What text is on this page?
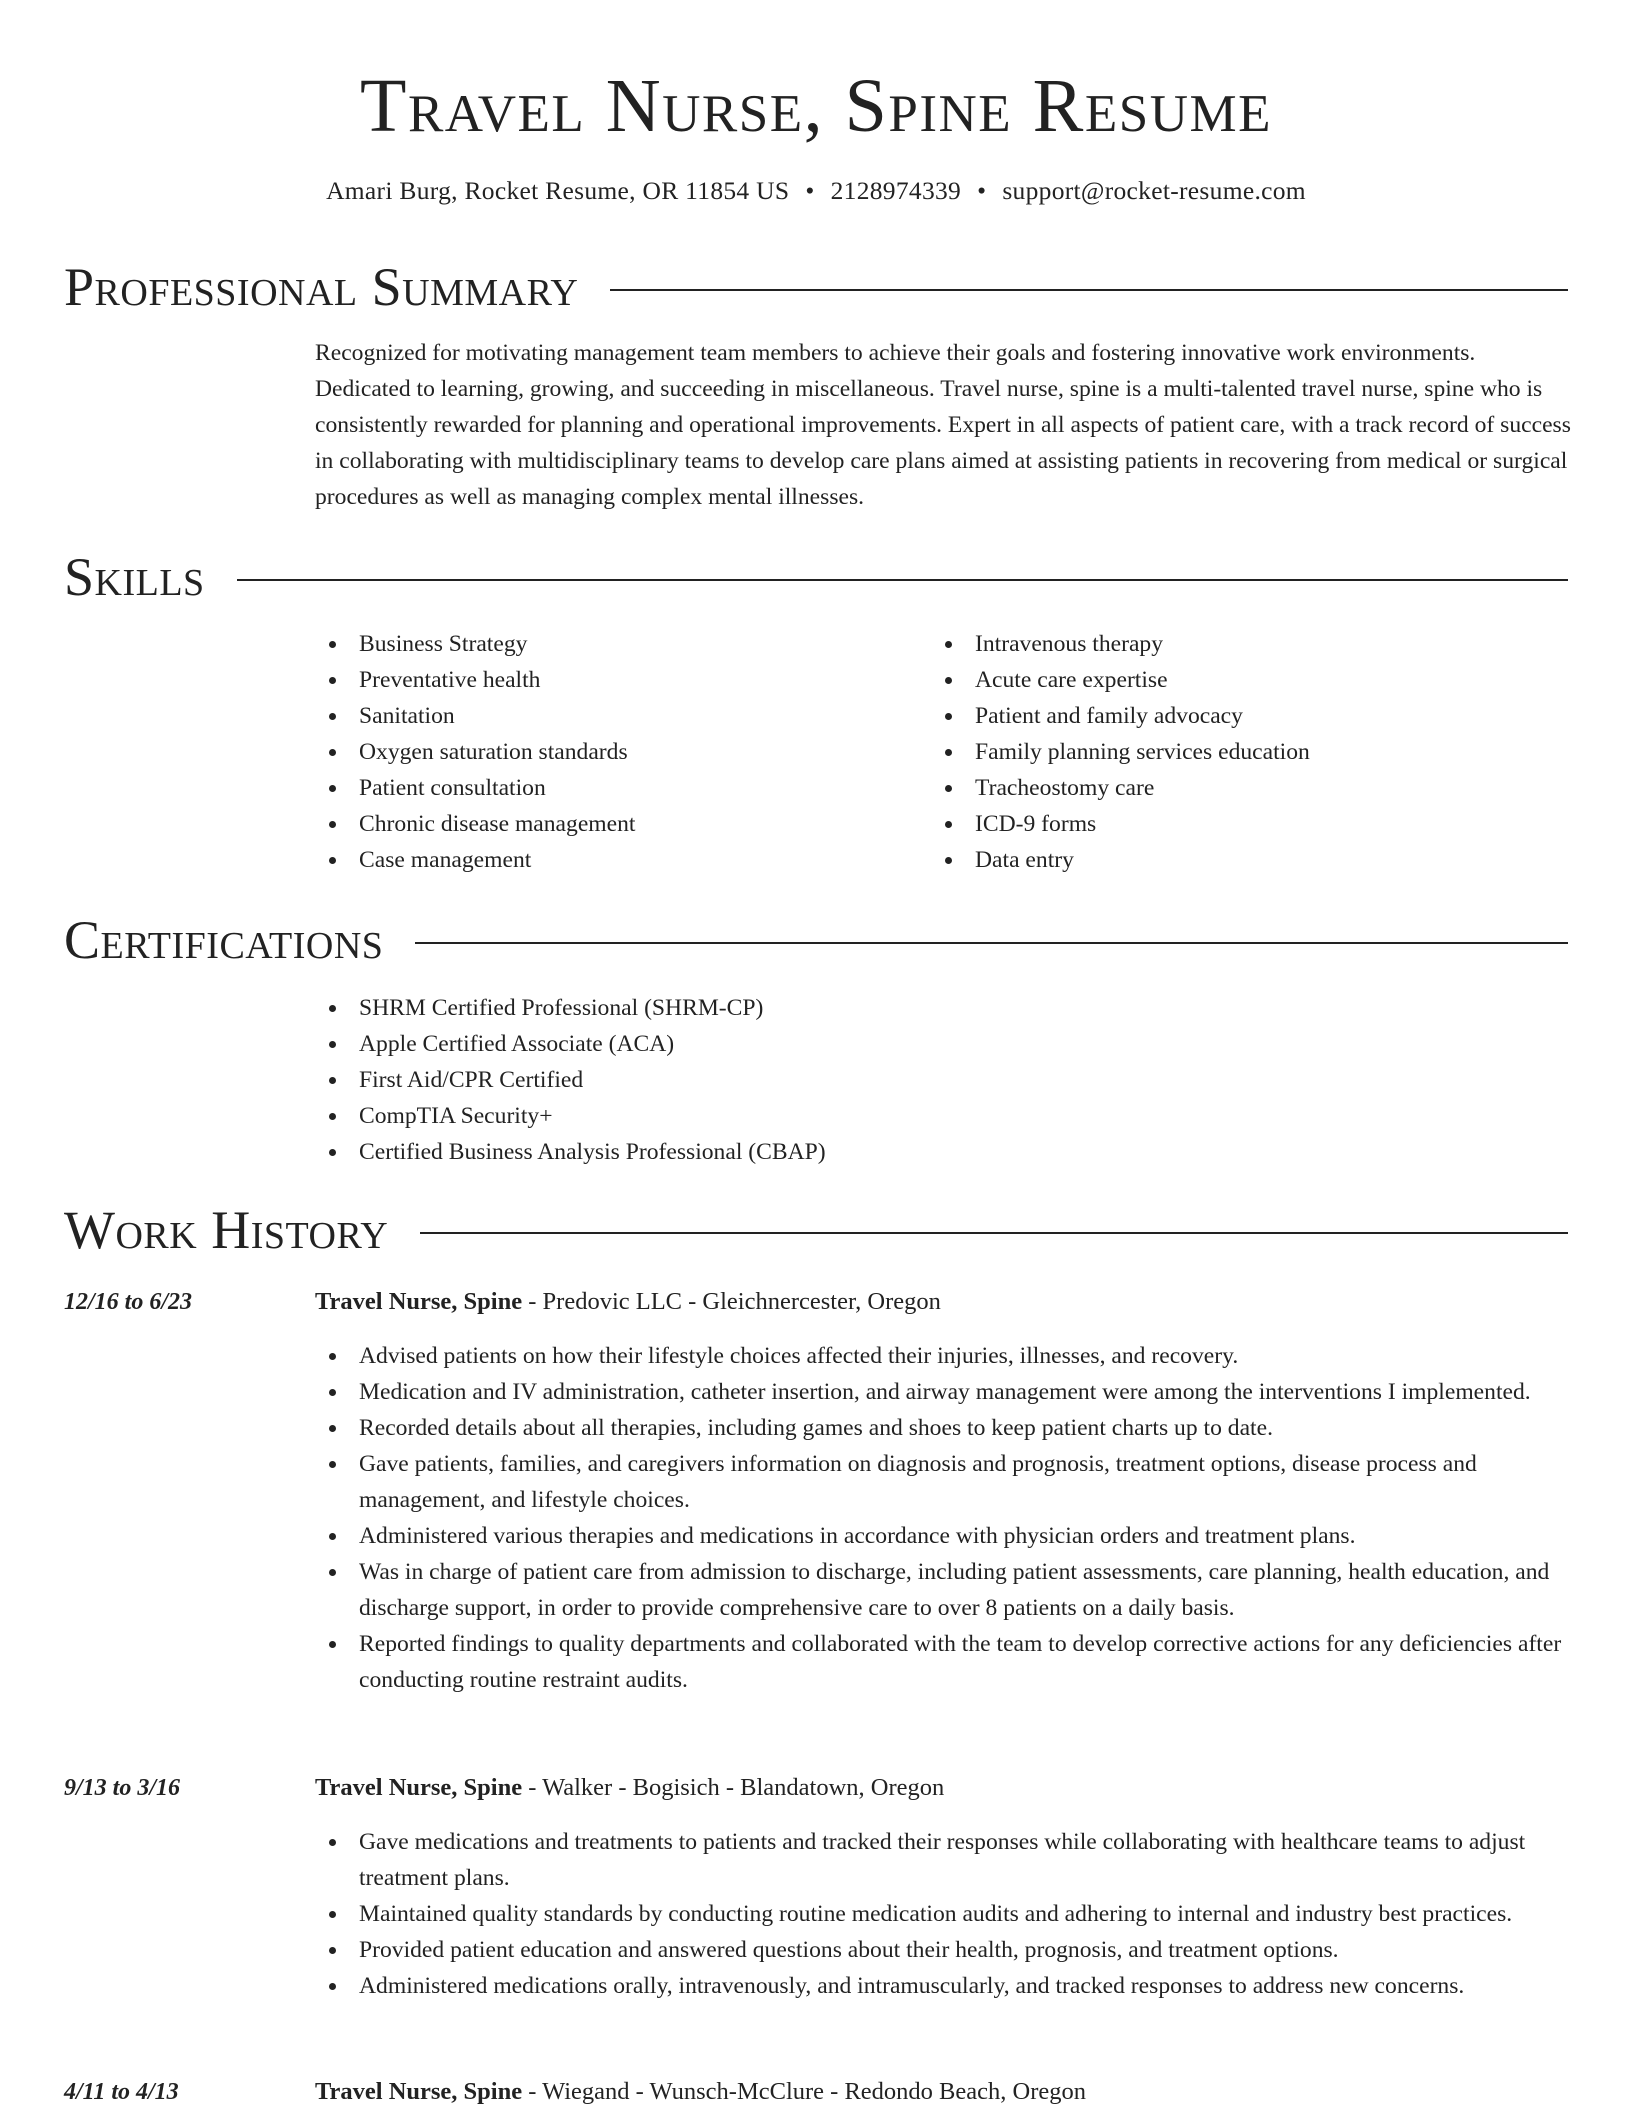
Travel Nurse, Spine Resume
Amari Burg, Rocket Resume, OR 11854 US • 2128974339 • support@rocket-resume.com
Professional Summary

Recognized for motivating management team members to achieve their goals and fostering innovative work environments. Dedicated to learning, growing, and succeeding in miscellaneous. Travel nurse, spine is a multi-talented travel nurse, spine who is consistently rewarded for planning and operational improvements. Expert in all aspects of patient care, with a track record of success in collaborating with multidisciplinary teams to develop care plans aimed at assisting patients in recovering from medical or surgical procedures as well as managing complex mental illnesses.

Skills
Business Strategy
Preventative health
Sanitation
Oxygen saturation standards
Patient consultation
Chronic disease management
Case management
Intravenous therapy
Acute care expertise
Patient and family advocacy
Family planning services education
Tracheostomy care
ICD-9 forms
Data entry
Certifications
SHRM Certified Professional (SHRM-CP)
Apple Certified Associate (ACA)
First Aid/CPR Certified
CompTIA Security+
Certified Business Analysis Professional (CBAP)
Work History
12/16 to 6/23	Travel Nurse, Spine - Predovic LLC - Gleichnercester, Oregon
Advised patients on how their lifestyle choices affected their injuries, illnesses, and recovery.
Medication and IV administration, catheter insertion, and airway management were among the interventions I implemented.
Recorded details about all therapies, including games and shoes to keep patient charts up to date.
Gave patients, families, and caregivers information on diagnosis and prognosis, treatment options, disease process and management, and lifestyle choices.
Administered various therapies and medications in accordance with physician orders and treatment plans.
Was in charge of patient care from admission to discharge, including patient assessments, care planning, health education, and discharge support, in order to provide comprehensive care to over 8 patients on a daily basis.
Reported findings to quality departments and collaborated with the team to develop corrective actions for any deficiencies after conducting routine restraint audits.
9/13 to 3/16	Travel Nurse, Spine - Walker - Bogisich - Blandatown, Oregon
Gave medications and treatments to patients and tracked their responses while collaborating with healthcare teams to adjust treatment plans.
Maintained quality standards by conducting routine medication audits and adhering to internal and industry best practices.
Provided patient education and answered questions about their health, prognosis, and treatment options.
Administered medications orally, intravenously, and intramuscularly, and tracked responses to address new concerns.
4/11 to 4/13	Travel Nurse, Spine - Wiegand - Wunsch-McClure - Redondo Beach, Oregon
